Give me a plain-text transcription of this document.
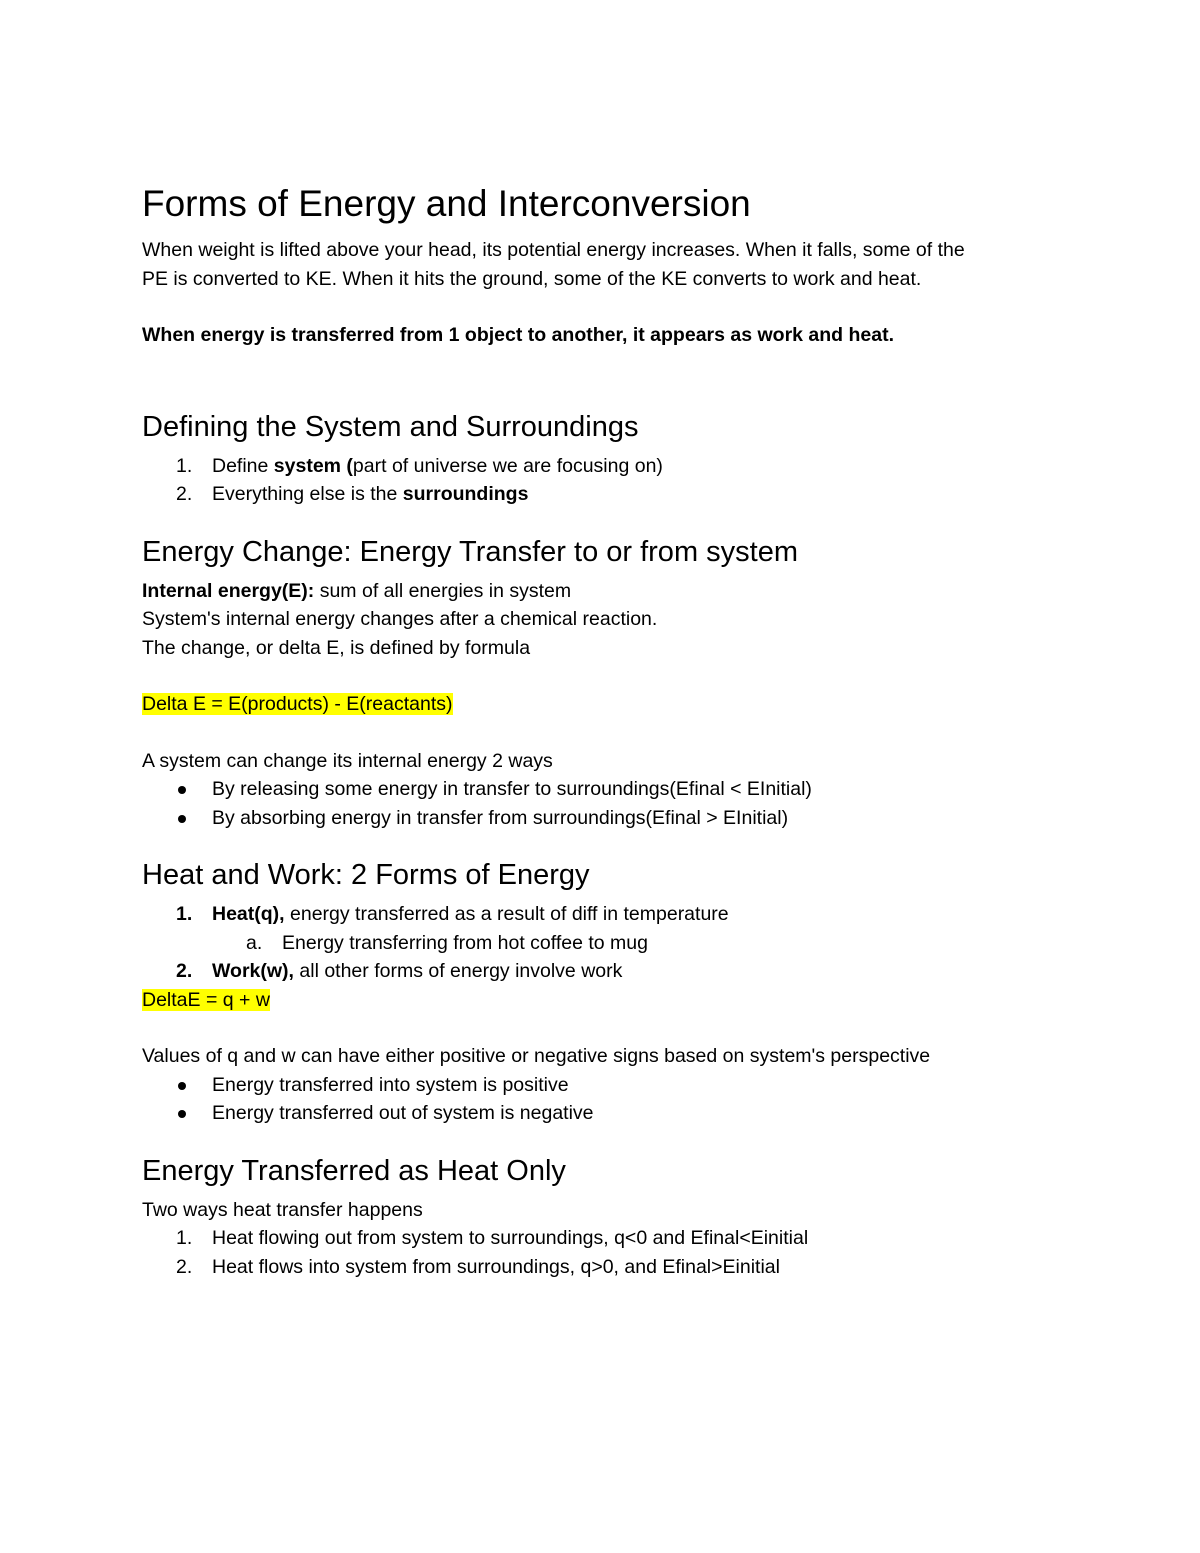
Forms of Energy and Interconversion

When weight is lifted above your head, its potential energy increases. When it falls, some of the

PE is converted to KE. When it hits the ground, some of the KE converts to work and heat.

When energy is transferred from 1 object to another, it appears as work and heat.

Defining the System and Surroundings
1.	Define system (part of universe we are focusing on)
2.	Everything else is the surroundings
Energy Change: Energy Transfer to or from system

Internal energy(E): sum of all energies in system

System's internal energy changes after a chemical reaction.

The change, or delta E, is defined by formula

Delta E = E(products) - E(reactants)

A system can change its internal energy 2 ways

By releasing some energy in transfer to surroundings(Efinal < EInitial)
By absorbing energy in transfer from surroundings(Efinal > EInitial)
Heat and Work: 2 Forms of Energy
1.	Heat(q), energy transferred as a result of diff in temperature
a.	Energy transferring from hot coffee to mug
2.	Work(w), all other forms of energy involve work

DeltaE = q + w

Values of q and w can have either positive or negative signs based on system's perspective

Energy transferred into system is positive
Energy transferred out of system is negative
Energy Transferred as Heat Only

Two ways heat transfer happens

1.	Heat flowing out from system to surroundings, q<0 and Efinal<Einitial
2.	Heat flows into system from surroundings, q>0, and Efinal>Einitial
